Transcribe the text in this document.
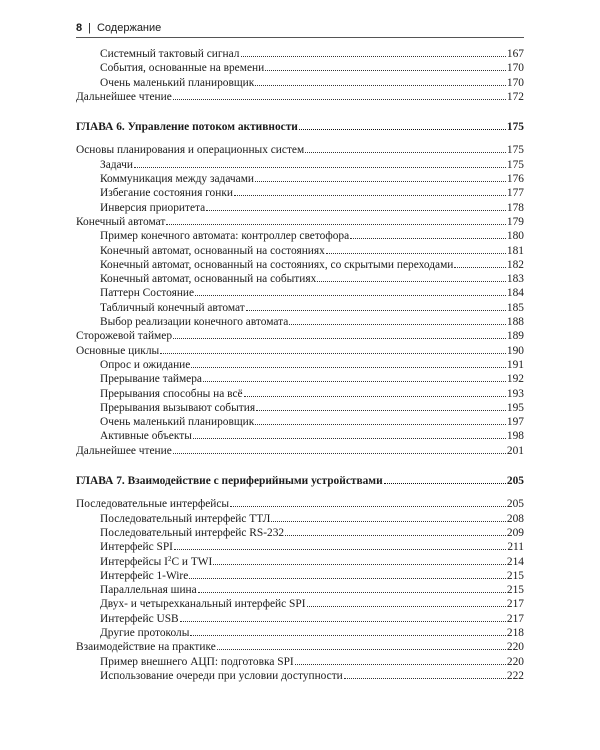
8 | Содержание
Системный тактовый сигнал	167
События, основанные на времени	170
Очень маленький планировщик	170
Дальнейшее чтение	172
ГЛАВА 6. Управление потоком активности	175
Основы планирования и операционных систем	175
Задачи	175
Коммуникация между задачами	176
Избегание состояния гонки	177
Инверсия приоритета	178
Конечный автомат	179
Пример конечного автомата: контроллер светофора	180
Конечный автомат, основанный на состояниях	181
Конечный автомат, основанный на состояниях, со скрытыми переходами	182
Конечный автомат, основанный на событиях	183
Паттерн Состояние	184
Табличный конечный автомат	185
Выбор реализации конечного автомата	188
Сторожевой таймер	189
Основные циклы	190
Опрос и ожидание	191
Прерывание таймера	192
Прерывания способны на всё	193
Прерывания вызывают события	195
Очень маленький планировщик	197
Активные объекты	198
Дальнейшее чтение	201
ГЛАВА 7. Взаимодействие с периферийными устройствами	205
Последовательные интерфейсы	205
Последовательный интерфейс ТТЛ	208
Последовательный интерфейс RS-232	209
Интерфейс SPI	211
Интерфейсы $I^2C$ и TWI	214
Интерфейс 1-Wire	215
Параллельная шина	215
Двух- и четырехканальный интерфейс SPI	217
Интерфейс USB	217
Другие протоколы	218
Взаимодействие на практике	220
Пример внешнего АЦП: подготовка SPI	220
Использование очереди при условии доступности	222
